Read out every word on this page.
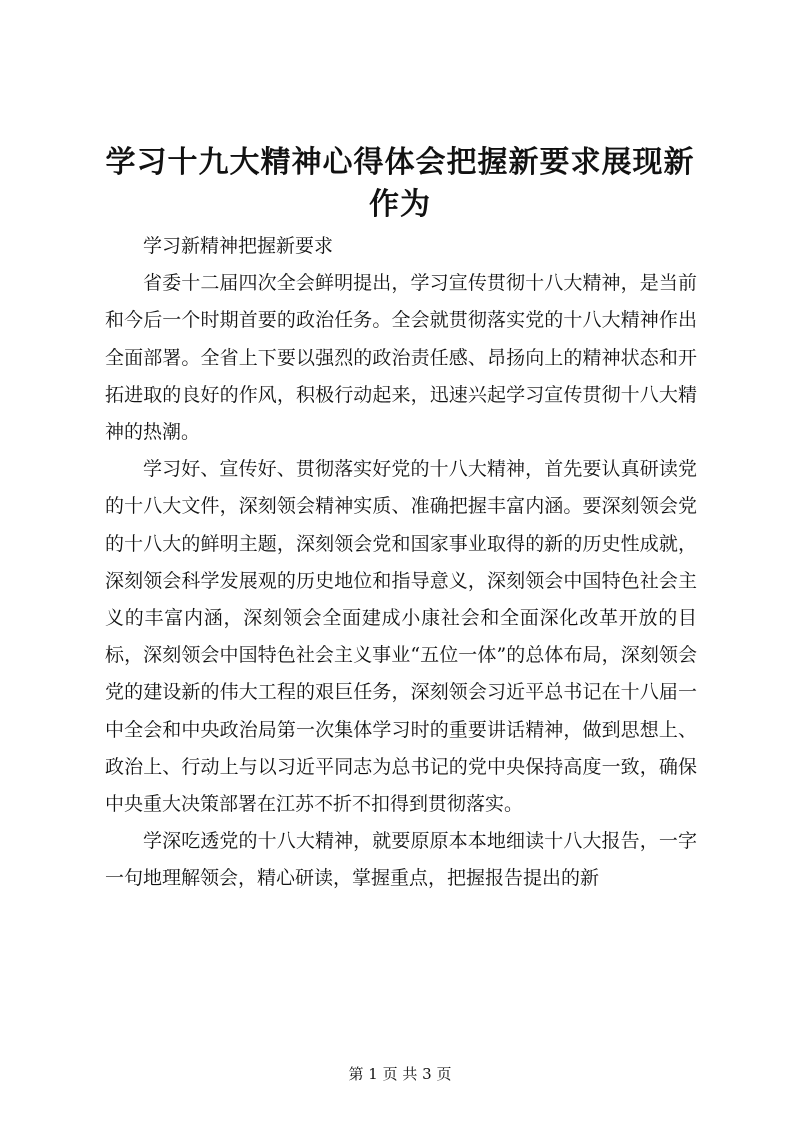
学习十九大精神心得体会把握新要求展现新作为

学习新精神把握新要求

省委十二届四次全会鲜明提出，学习宣传贯彻十八大精神，是当前和今后一个时期首要的政治任务。全会就贯彻落实党的十八大精神作出全面部署。全省上下要以强烈的政治责任感、昂扬向上的精神状态和开拓进取的良好的作风，积极行动起来，迅速兴起学习宣传贯彻十八大精神的热潮。

学习好、宣传好、贯彻落实好党的十八大精神，首先要认真研读党的十八大文件，深刻领会精神实质、准确把握丰富内涵。要深刻领会党的十八大的鲜明主题，深刻领会党和国家事业取得的新的历史性成就，深刻领会科学发展观的历史地位和指导意义，深刻领会中国特色社会主义的丰富内涵，深刻领会全面建成小康社会和全面深化改革开放的目标，深刻领会中国特色社会主义事业“五位一体”的总体布局，深刻领会党的建设新的伟大工程的艰巨任务，深刻领会习近平总书记在十八届一中全会和中央政治局第一次集体学习时的重要讲话精神，做到思想上、政治上、行动上与以习近平同志为总书记的党中央保持高度一致，确保中央重大决策部署在江苏不折不扣得到贯彻落实。

学深吃透党的十八大精神，就要原原本本地细读十八大报告，一字一句地理解领会，精心研读，掌握重点，把握报告提出的新

第 1 页 共 3 页
